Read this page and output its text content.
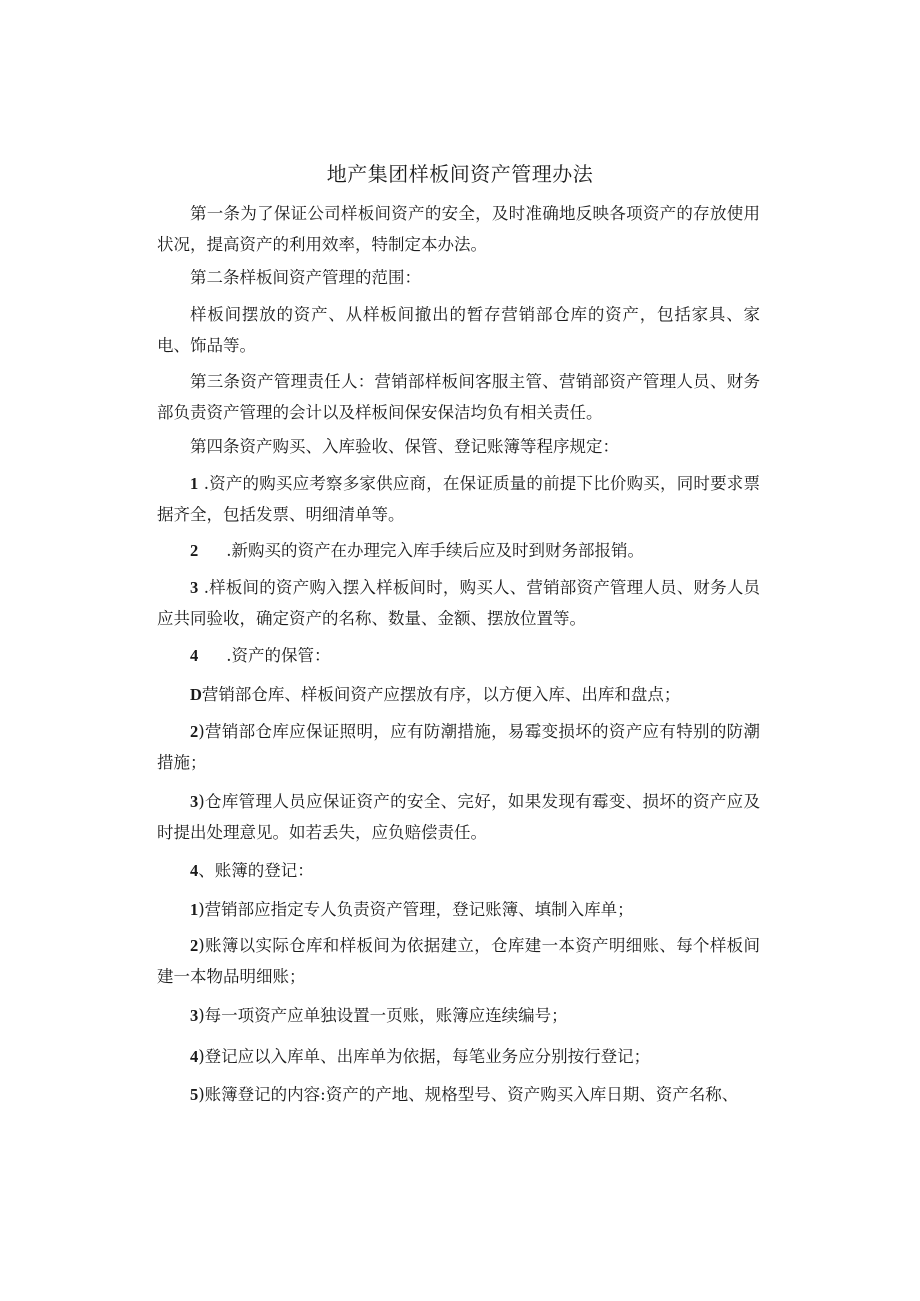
地产集团样板间资产管理办法

第一条为了保证公司样板间资产的安全，及时准确地反映各项资产的存放使用状况，提高资产的利用效率，特制定本办法。

第二条样板间资产管理的范围：

样板间摆放的资产、从样板间撤出的暂存营销部仓库的资产，包括家具、家电、饰品等。

第三条资产管理责任人：营销部样板间客服主管、营销部资产管理人员、财务部负责资产管理的会计以及样板间保安保洁均负有相关责任。

第四条资产购买、入库验收、保管、登记账簿等程序规定：

1 .资产的购买应考察多家供应商，在保证质量的前提下比价购买，同时要求票据齐全，包括发票、明细清单等。

2 .新购买的资产在办理完入库手续后应及时到财务部报销。

3 .样板间的资产购入摆入样板间时，购买人、营销部资产管理人员、财务人员应共同验收，确定资产的名称、数量、金额、摆放位置等。

4 .资产的保管：

D营销部仓库、样板间资产应摆放有序，以方便入库、出库和盘点；

2)营销部仓库应保证照明，应有防潮措施，易霉变损坏的资产应有特别的防潮措施；

3)仓库管理人员应保证资产的安全、完好，如果发现有霉变、损坏的资产应及时提出处理意见。如若丢失，应负赔偿责任。

4、账簿的登记：

1)营销部应指定专人负责资产管理，登记账簿、填制入库单；

2)账簿以实际仓库和样板间为依据建立，仓库建一本资产明细账、每个样板间建一本物品明细账；

3)每一项资产应单独设置一页账，账簿应连续编号；

4)登记应以入库单、出库单为依据，每笔业务应分别按行登记；

5)账簿登记的内容:资产的产地、规格型号、资产购买入库日期、资产名称、
